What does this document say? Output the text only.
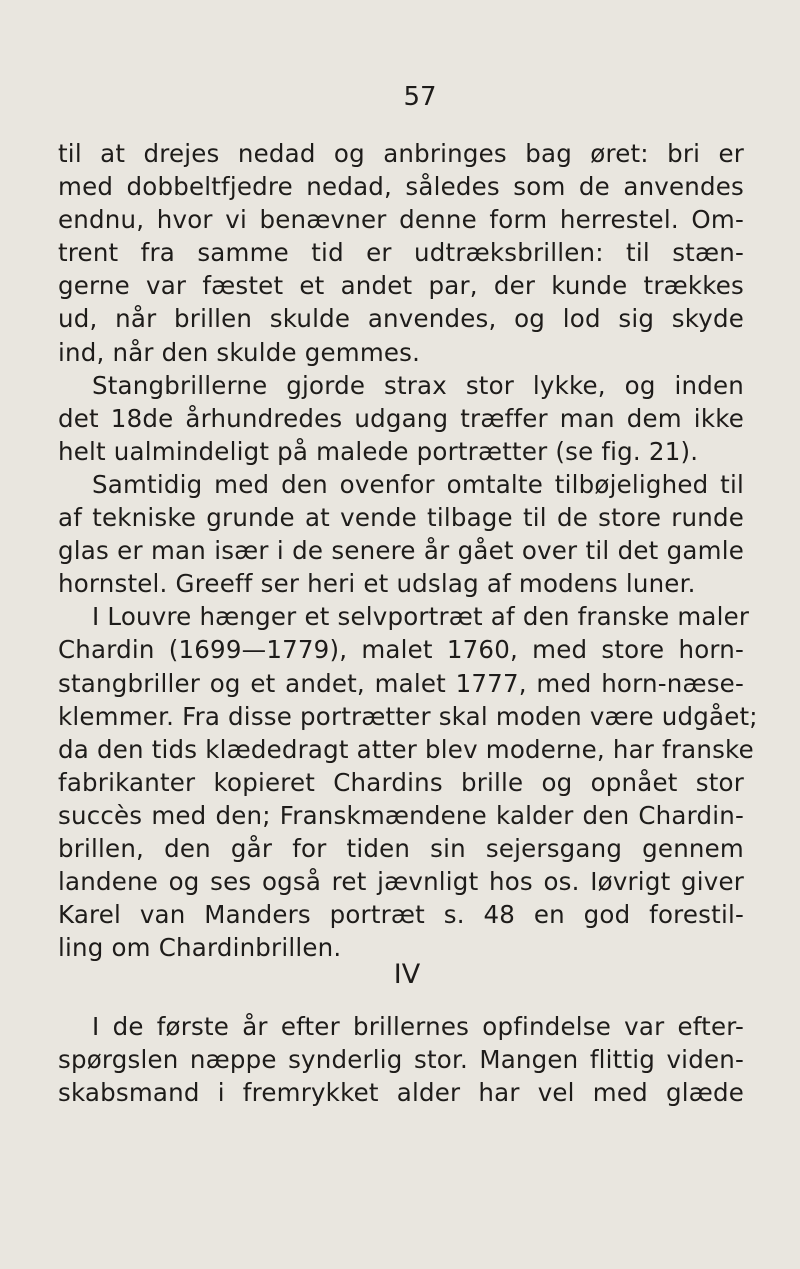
57
til at drejes nedad og anbringes bag øret: bri er
med dobbeltfjedre nedad, således som de anvendes
endnu, hvor vi benævner denne form herrestel. Om-
trent fra samme tid er udtræksbrillen: til stæn-
gerne var fæstet et andet par, der kunde trækkes
ud, når brillen skulde anvendes, og lod sig skyde
ind, når den skulde gemmes.
Stangbrillerne gjorde strax stor lykke, og inden
det 18de århundredes udgang træffer man dem ikke
helt ualmindeligt på malede portrætter (se fig. 21).
Samtidig med den ovenfor omtalte tilbøjelighed til
af tekniske grunde at vende tilbage til de store runde
glas er man især i de senere år gået over til det gamle
hornstel. Greeff ser heri et udslag af modens luner.
I Louvre hænger et selvportræt af den franske maler
Chardin (1699—1779), malet 1760, med store horn-
stangbriller og et andet, malet 1777, med horn-næse-
klemmer. Fra disse portrætter skal moden være udgået;
da den tids klædedragt atter blev moderne, har franske
fabrikanter kopieret Chardins brille og opnået stor
succès med den; Franskmændene kalder den Chardin-
brillen, den går for tiden sin sejersgang gennem
landene og ses også ret jævnligt hos os. Iøvrigt giver
Karel van Manders portræt s. 48 en god forestil-
ling om Chardinbrillen.
IV
I de første år efter brillernes opfindelse var efter-
spørgslen næppe synderlig stor. Mangen flittig viden-
skabsmand i fremrykket alder har vel med glæde
